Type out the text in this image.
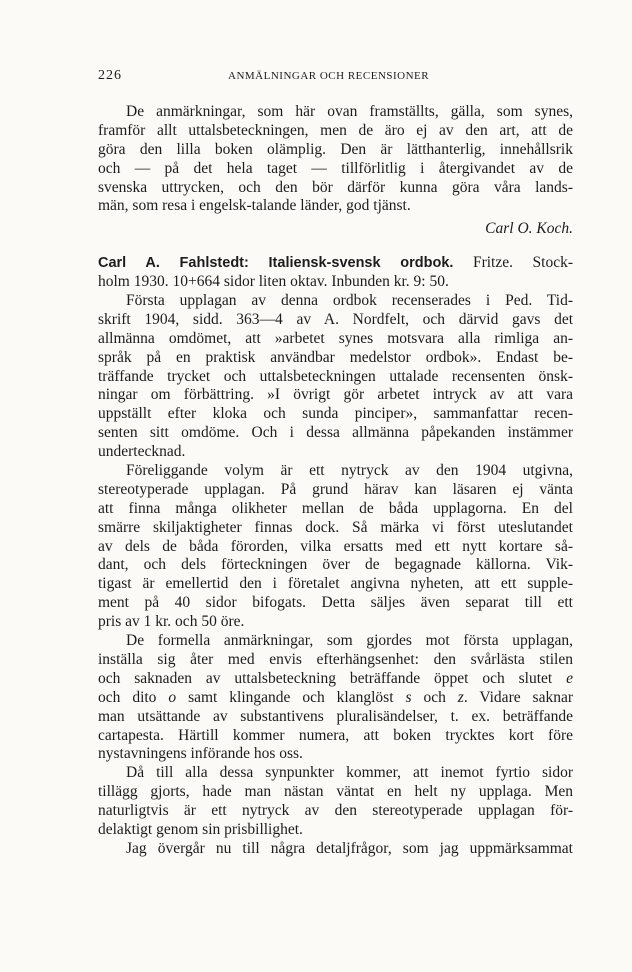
226	ANMÄLNINGAR OCH RECENSIONER
De anmärkningar, som här ovan framställts, gälla, som synes,
framför allt uttalsbeteckningen, men de äro ej av den art, att de
göra den lilla boken olämplig. Den är lätthanterlig, innehållsrik
och — på det hela taget — tillförlitlig i återgivandet av de
svenska uttrycken, och den bör därför kunna göra våra lands-
män, som resa i engelsk-talande länder, god tjänst.
Carl O. Koch.
Carl A. Fahlstedt: Italiensk-svensk ordbok. Fritze. Stock-
holm 1930. 10+664 sidor liten oktav. Inbunden kr. 9: 50.
Första upplagan av denna ordbok recenserades i Ped. Tid-
skrift 1904, sidd. 363—4 av A. Nordfelt, och därvid gavs det
allmänna omdömet, att »arbetet synes motsvara alla rimliga an-
språk på en praktisk användbar medelstor ordbok». Endast be-
träffande trycket och uttalsbeteckningen uttalade recensenten önsk-
ningar om förbättring. »I övrigt gör arbetet intryck av att vara
uppställt efter kloka och sunda pinciper», sammanfattar recen-
senten sitt omdöme. Och i dessa allmänna påpekanden instämmer
undertecknad.
Föreliggande volym är ett nytryck av den 1904 utgivna,
stereotyperade upplagan. På grund härav kan läsaren ej vänta
att finna många olikheter mellan de båda upplagorna. En del
smärre skiljaktigheter finnas dock. Så märka vi först uteslutandet
av dels de båda förorden, vilka ersatts med ett nytt kortare så-
dant, och dels förteckningen över de begagnade källorna. Vik-
tigast är emellertid den i företalet angivna nyheten, att ett supple-
ment på 40 sidor bifogats. Detta säljes även separat till ett
pris av 1 kr. och 50 öre.
De formella anmärkningar, som gjordes mot första upplagan,
inställa sig åter med envis efterhängsenhet: den svårlästa stilen
och saknaden av uttalsbeteckning beträffande öppet och slutet e
och dito o samt klingande och klanglöst s och z. Vidare saknar
man utsättande av substantivens pluralisändelser, t. ex. beträffande
cartapesta. Härtill kommer numera, att boken trycktes kort före
nystavningens införande hos oss.
Då till alla dessa synpunkter kommer, att inemot fyrtio sidor
tillägg gjorts, hade man nästan väntat en helt ny upplaga. Men
naturligtvis är ett nytryck av den stereotyperade upplagan för-
delaktigt genom sin prisbillighet.
Jag övergår nu till några detaljfrågor, som jag uppmärksammat
